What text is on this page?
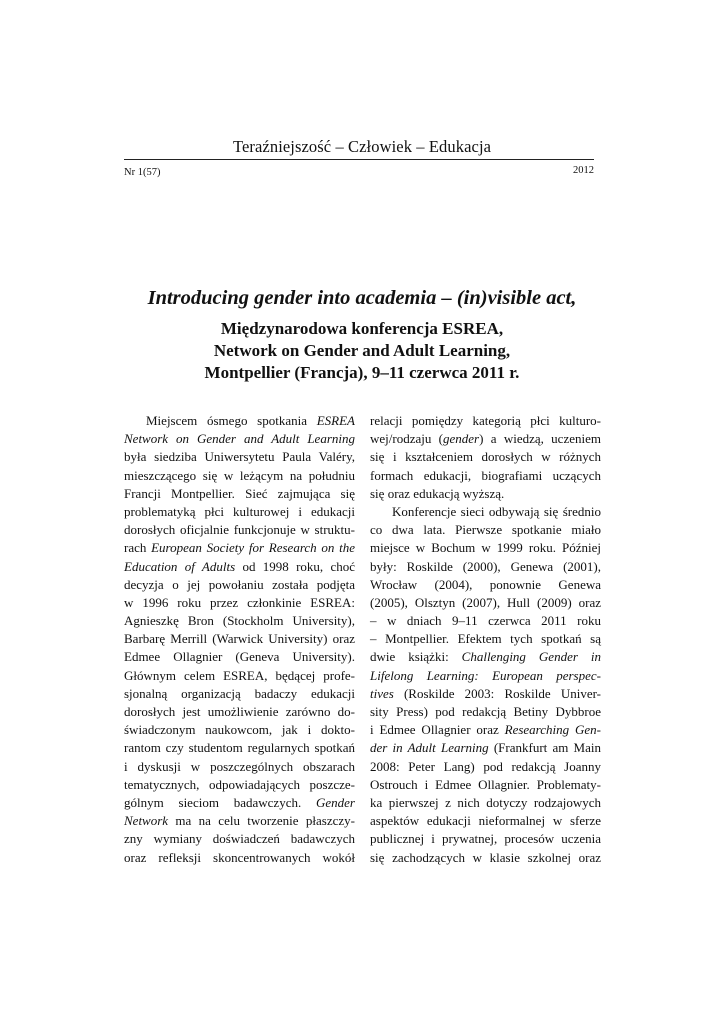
Teraźniejszość – Człowiek – Edukacja
Nr 1(57)	2012
Introducing gender into academia – (in)visible act,
Międzynarodowa konferencja ESREA,
Network on Gender and Adult Learning,
Montpellier (Francja), 9–11 czerwca 2011 r.
Miejscem ósmego spotkania ESREA
Network on Gender and Adult Learning
była siedziba Uniwersytetu Paula Valéry,
mieszczącego się w leżącym na południu
Francji Montpellier. Sieć zajmująca się
problematyką płci kulturowej i edukacji
dorosłych oficjalnie funkcjonuje w struktu-
rach European Society for Research on the
Education of Adults od 1998 roku, choć
decyzja o jej powołaniu została podjęta
w 1996 roku przez członkinie ESREA:
Agnieszkę Bron (Stockholm University),
Barbarę Merrill (Warwick University) oraz
Edmee Ollagnier (Geneva University).
Głównym celem ESREA, będącej profe-
sjonalną organizacją badaczy edukacji
dorosłych jest umożliwienie zarówno do-
świadczonym naukowcom, jak i dokto-
rantom czy studentom regularnych spotkań
i dyskusji w poszczególnych obszarach
tematycznych, odpowiadających poszcze-
gólnym sieciom badawczych. Gender
Network ma na celu tworzenie płaszczy-
zny wymiany doświadczeń badawczych
oraz refleksji skoncentrowanych wokół
relacji pomiędzy kategorią płci kulturo-
wej/rodzaju (gender) a wiedzą, uczeniem
się i kształceniem dorosłych w różnych
formach edukacji, biografiami uczących
się oraz edukacją wyższą.
Konferencje sieci odbywają się średnio
co dwa lata. Pierwsze spotkanie miało
miejsce w Bochum w 1999 roku. Później
były: Roskilde (2000), Genewa (2001),
Wrocław (2004), ponownie Genewa
(2005), Olsztyn (2007), Hull (2009) oraz
– w dniach 9–11 czerwca 2011 roku
– Montpellier. Efektem tych spotkań są
dwie książki: Challenging Gender in
Lifelong Learning: European perspec-
tives (Roskilde 2003: Roskilde Univer-
sity Press) pod redakcją Betiny Dybbroe
i Edmee Ollagnier oraz Researching Gen-
der in Adult Learning (Frankfurt am Main
2008: Peter Lang) pod redakcją Joanny
Ostrouch i Edmee Ollagnier. Problematy-
ka pierwszej z nich dotyczy rodzajowych
aspektów edukacji nieformalnej w sferze
publicznej i prywatnej, procesów uczenia
się zachodzących w klasie szkolnej oraz
